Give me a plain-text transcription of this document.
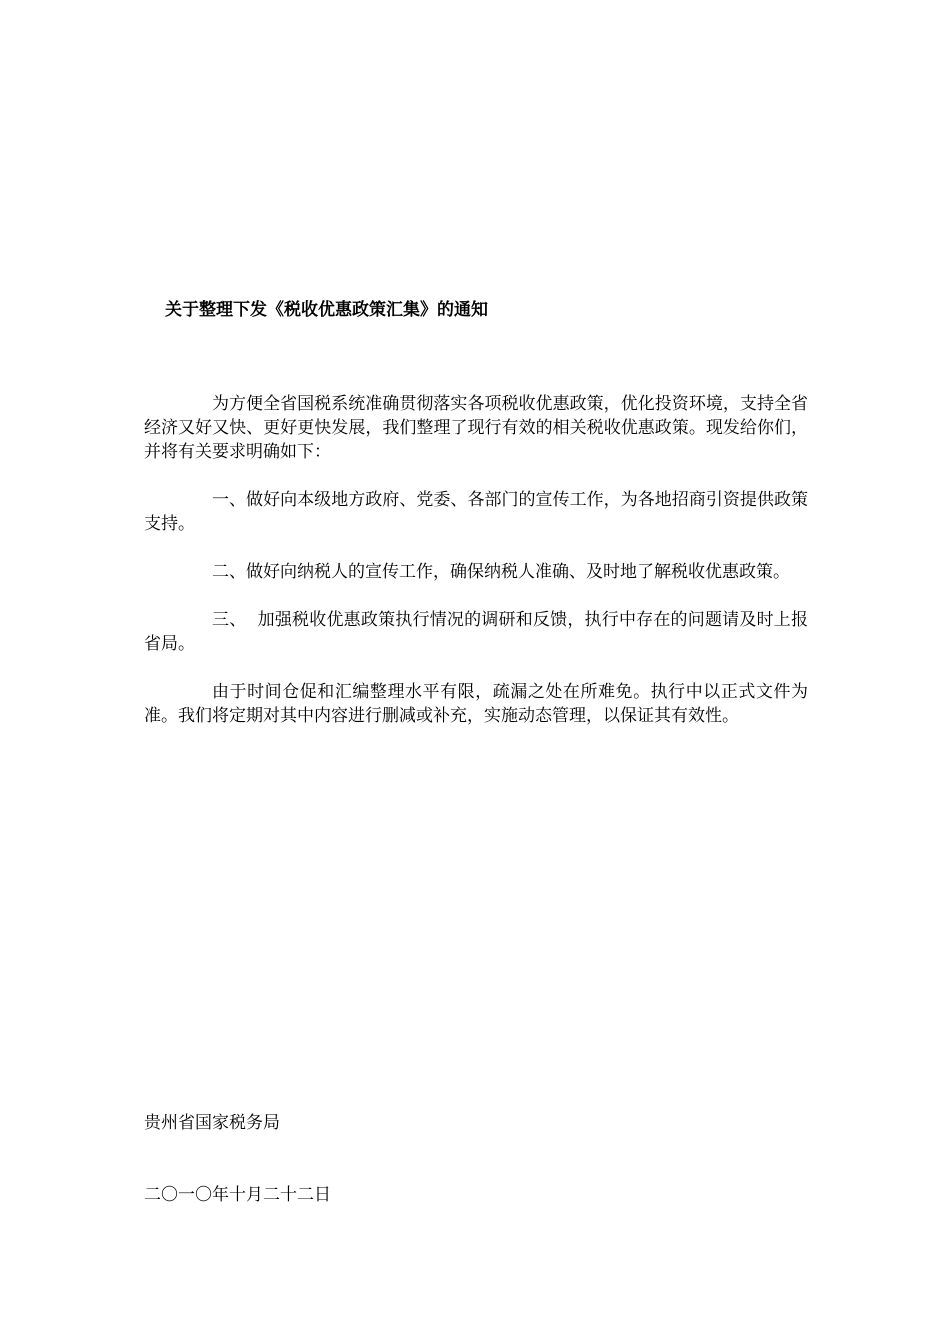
关于整理下发《税收优惠政策汇集》的通知

为方便全省国税系统准确贯彻落实各项税收优惠政策，优化投资环境，支持全省经济又好又快、更好更快发展，我们整理了现行有效的相关税收优惠政策。现发给你们，并将有关要求明确如下：

一、做好向本级地方政府、党委、各部门的宣传工作，为各地招商引资提供政策支持。

二、做好向纳税人的宣传工作，确保纳税人准确、及时地了解税收优惠政策。

三、  加强税收优惠政策执行情况的调研和反馈，执行中存在的问题请及时上报省局。

由于时间仓促和汇编整理水平有限，疏漏之处在所难免。执行中以正式文件为准。我们将定期对其中内容进行删减或补充，实施动态管理，以保证其有效性。

贵州省国家税务局
二〇一〇年十月二十二日
